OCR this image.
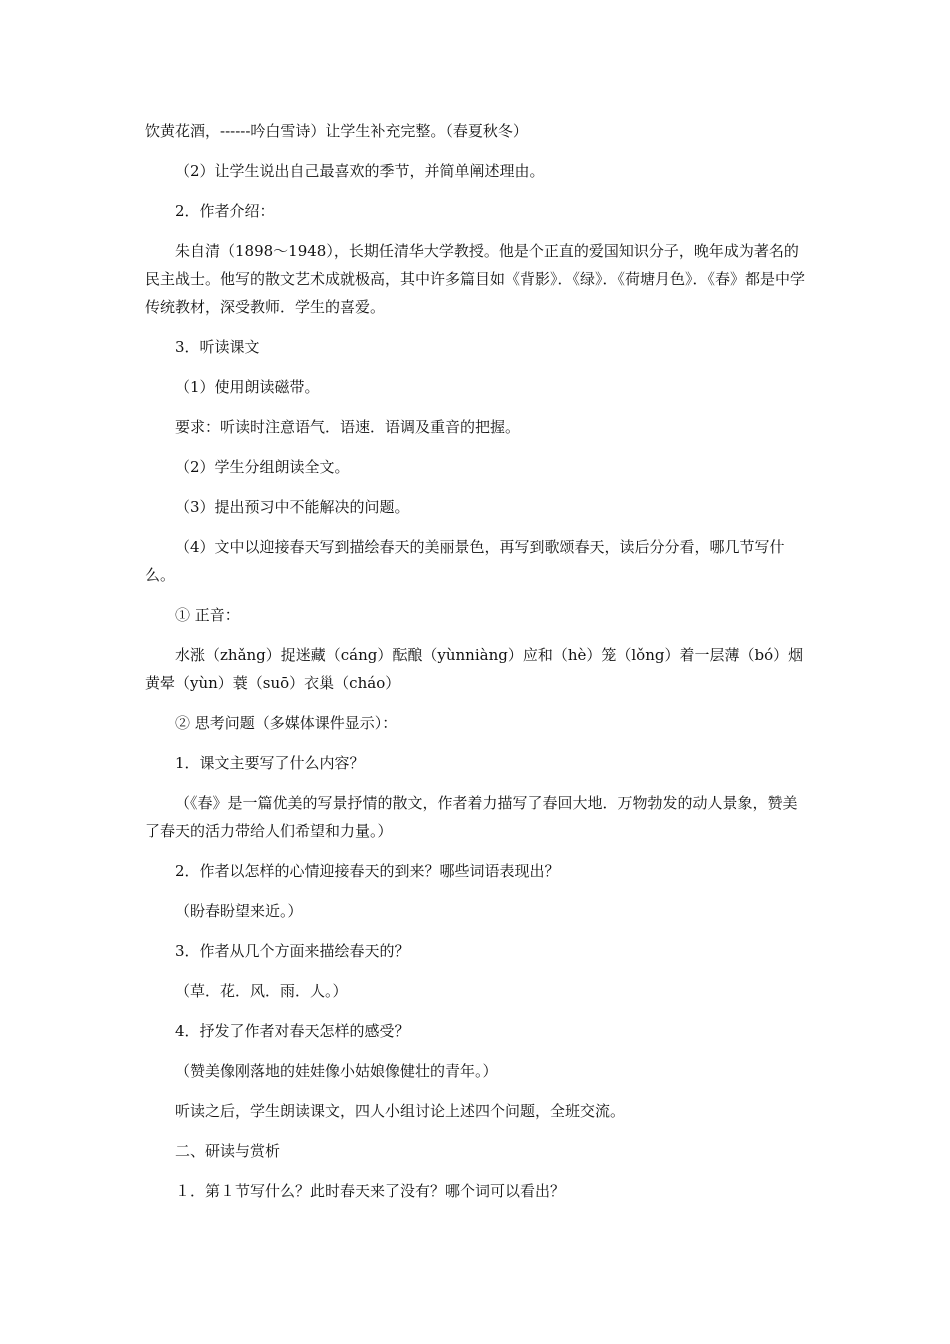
饮黄花酒，------吟白雪诗）让学生补充完整。（春夏秋冬）

（2）让学生说出自己最喜欢的季节，并简单阐述理由。

2．作者介绍：

朱自清（1898～1948），长期任清华大学教授。他是个正直的爱国知识分子，晚年成为著名的民主战士。他写的散文艺术成就极高，其中许多篇目如《背影》．《绿》．《荷塘月色》．《春》都是中学传统教材，深受教师．学生的喜爱。

3．听读课文

（1）使用朗读磁带。

要求：听读时注意语气．语速．语调及重音的把握。

（2）学生分组朗读全文。

（3）提出预习中不能解决的问题。

（4）文中以迎接春天写到描绘春天的美丽景色，再写到歌颂春天，读后分分看，哪几节写什么。

① 正音：

水涨（zhǎng）捉迷藏（cáng）酝酿（yùnniàng）应和（hè）笼（lǒng）着一层薄（bó）烟黄晕（yùn）蓑（suō）衣巢（cháo）

② 思考问题（多媒体课件显示）：

1．课文主要写了什么内容？

（《春》是一篇优美的写景抒情的散文，作者着力描写了春回大地．万物勃发的动人景象，赞美了春天的活力带给人们希望和力量。）

2．作者以怎样的心情迎接春天的到来？哪些词语表现出？

（盼春盼望来近。）

3．作者从几个方面来描绘春天的？

（草．花．风．雨．人。）

4．抒发了作者对春天怎样的感受？

（赞美像刚落地的娃娃像小姑娘像健壮的青年。）

听读之后，学生朗读课文，四人小组讨论上述四个问题，全班交流。

二、研读与赏析

１．第１节写什么？此时春天来了没有？哪个词可以看出？
